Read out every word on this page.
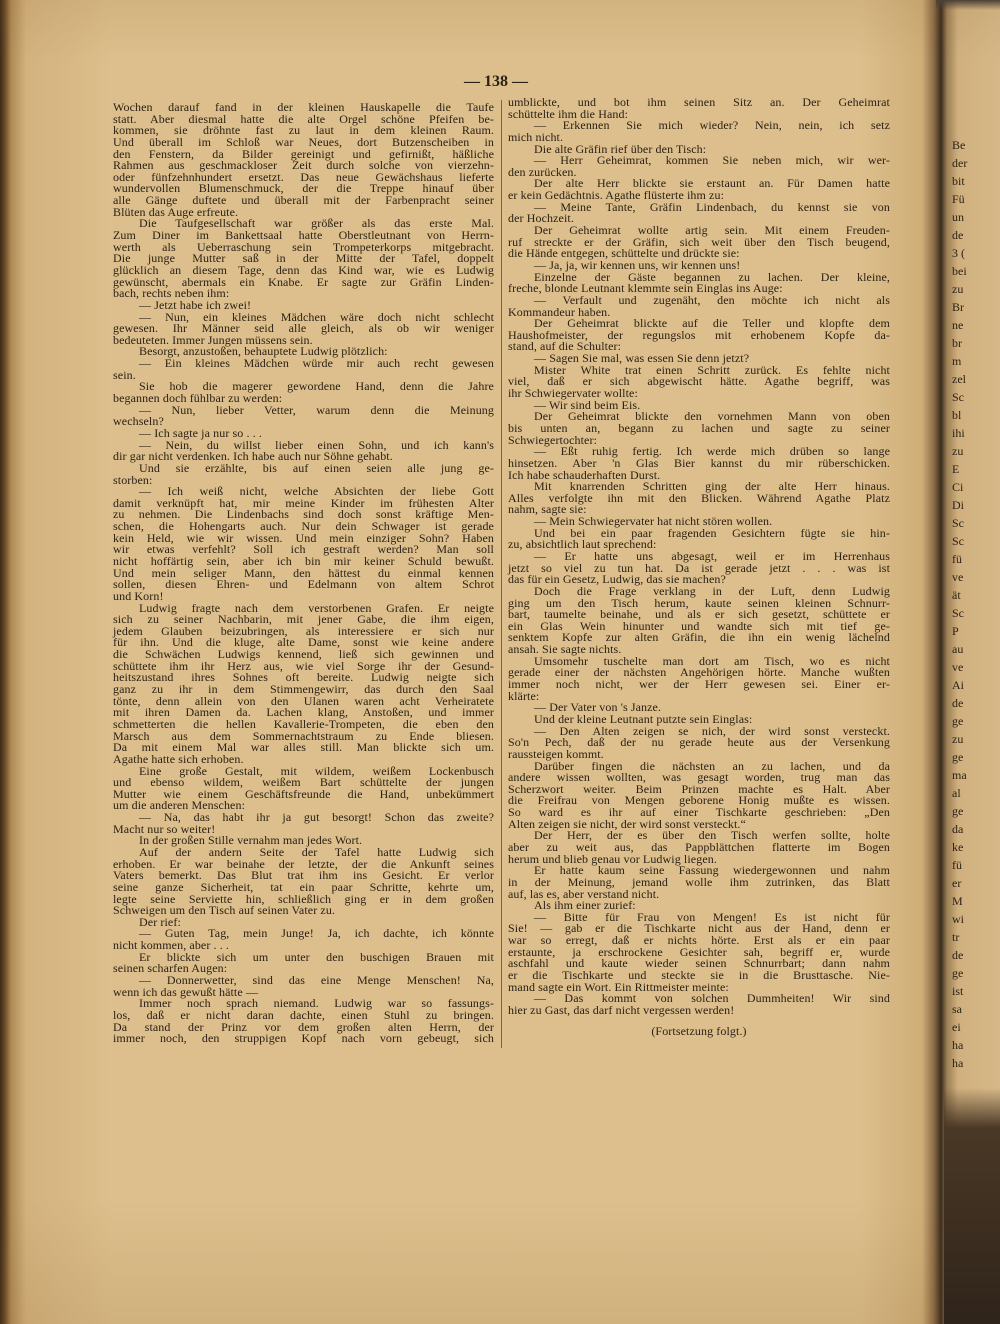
— 138 —
Wochen darauf fand in der kleinen Hauskapelle die Taufe
statt. Aber diesmal hatte die alte Orgel schöne Pfeifen be-
kommen, sie dröhnte fast zu laut in dem kleinen Raum.
Und überall im Schloß war Neues, dort Butzenscheiben in
den Fenstern, da Bilder gereinigt und gefirnißt, häßliche
Rahmen aus geschmackloser Zeit durch solche von vierzehn-
oder fünfzehnhundert ersetzt. Das neue Gewächshaus lieferte
wundervollen Blumenschmuck, der die Treppe hinauf über
alle Gänge duftete und überall mit der Farbenpracht seiner
Blüten das Auge erfreute.
Die Taufgesellschaft war größer als das erste Mal.
Zum Diner im Bankettsaal hatte Oberstleutnant von Herrn-
werth als Ueberraschung sein Trompeterkorps mitgebracht.
Die junge Mutter saß in der Mitte der Tafel, doppelt
glücklich an diesem Tage, denn das Kind war, wie es Ludwig
gewünscht, abermals ein Knabe. Er sagte zur Gräfin Linden-
bach, rechts neben ihm:
— Jetzt habe ich zwei!
— Nun, ein kleines Mädchen wäre doch nicht schlecht
gewesen. Ihr Männer seid alle gleich, als ob wir weniger
bedeuteten. Immer Jungen müssens sein.
Besorgt, anzustoßen, behauptete Ludwig plötzlich:
— Ein kleines Mädchen würde mir auch recht gewesen
sein.
Sie hob die magerer gewordene Hand, denn die Jahre
begannen doch fühlbar zu werden:
— Nun, lieber Vetter, warum denn die Meinung
wechseln?
— Ich sagte ja nur so . . .
— Nein, du willst lieber einen Sohn, und ich kann's
dir gar nicht verdenken. Ich habe auch nur Söhne gehabt.
Und sie erzählte, bis auf einen seien alle jung ge-
storben:
— Ich weiß nicht, welche Absichten der liebe Gott
damit verknüpft hat, mir meine Kinder im frühesten Alter
zu nehmen. Die Lindenbachs sind doch sonst kräftige Men-
schen, die Hohengarts auch. Nur dein Schwager ist gerade
kein Held, wie wir wissen. Und mein einziger Sohn? Haben
wir etwas verfehlt? Soll ich gestraft werden? Man soll
nicht hoffärtig sein, aber ich bin mir keiner Schuld bewußt.
Und mein seliger Mann, den hättest du einmal kennen
sollen, diesen Ehren- und Edelmann von altem Schrot
und Korn!
Ludwig fragte nach dem verstorbenen Grafen. Er neigte
sich zu seiner Nachbarin, mit jener Gabe, die ihm eigen,
jedem Glauben beizubringen, als interessiere er sich nur
für ihn. Und die kluge, alte Dame, sonst wie keine andere
die Schwächen Ludwigs kennend, ließ sich gewinnen und
schüttete ihm ihr Herz aus, wie viel Sorge ihr der Gesund-
heitszustand ihres Sohnes oft bereite. Ludwig neigte sich
ganz zu ihr in dem Stimmengewirr, das durch den Saal
tönte, denn allein von den Ulanen waren acht Verheiratete
mit ihren Damen da. Lachen klang, Anstoßen, und immer
schmetterten die hellen Kavallerie-Trompeten, die eben den
Marsch aus dem Sommernachtstraum zu Ende bliesen.
Da mit einem Mal war alles still. Man blickte sich um.
Agathe hatte sich erhoben.
Eine große Gestalt, mit wildem, weißem Lockenbusch
und ebenso wildem, weißem Bart schüttelte der jungen
Mutter wie einem Geschäftsfreunde die Hand, unbekümmert
um die anderen Menschen:
— Na, das habt ihr ja gut besorgt! Schon das zweite?
Macht nur so weiter!
In der großen Stille vernahm man jedes Wort.
Auf der andern Seite der Tafel hatte Ludwig sich
erhoben. Er war beinahe der letzte, der die Ankunft seines
Vaters bemerkt. Das Blut trat ihm ins Gesicht. Er verlor
seine ganze Sicherheit, tat ein paar Schritte, kehrte um,
legte seine Serviette hin, schließlich ging er in dem großen
Schweigen um den Tisch auf seinen Vater zu.
Der rief:
— Guten Tag, mein Junge! Ja, ich dachte, ich könnte
nicht kommen, aber . . .
Er blickte sich um unter den buschigen Brauen mit
seinen scharfen Augen:
— Donnerwetter, sind das eine Menge Menschen! Na,
wenn ich das gewußt hätte —
Immer noch sprach niemand. Ludwig war so fassungs-
los, daß er nicht daran dachte, einen Stuhl zu bringen.
Da stand der Prinz vor dem großen alten Herrn, der
immer noch, den struppigen Kopf nach vorn gebeugt, sich
umblickte, und bot ihm seinen Sitz an. Der Geheimrat
schüttelte ihm die Hand:
— Erkennen Sie mich wieder? Nein, nein, ich setz
mich nicht.
Die alte Gräfin rief über den Tisch:
— Herr Geheimrat, kommen Sie neben mich, wir wer-
den zurücken.
Der alte Herr blickte sie erstaunt an. Für Damen hatte
er kein Gedächtnis. Agathe flüsterte ihm zu:
— Meine Tante, Gräfin Lindenbach, du kennst sie von
der Hochzeit.
Der Geheimrat wollte artig sein. Mit einem Freuden-
ruf streckte er der Gräfin, sich weit über den Tisch beugend,
die Hände entgegen, schüttelte und drückte sie:
— Ja, ja, wir kennen uns, wir kennen uns!
Einzelne der Gäste begannen zu lachen. Der kleine,
freche, blonde Leutnant klemmte sein Einglas ins Auge:
— Verfault und zugenäht, den möchte ich nicht als
Kommandeur haben.
Der Geheimrat blickte auf die Teller und klopfte dem
Haushofmeister, der regungslos mit erhobenem Kopfe da-
stand, auf die Schulter:
— Sagen Sie mal, was essen Sie denn jetzt?
Mister White trat einen Schritt zurück. Es fehlte nicht
viel, daß er sich abgewischt hätte. Agathe begriff, was
ihr Schwiegervater wollte:
— Wir sind beim Eis.
Der Geheimrat blickte den vornehmen Mann von oben
bis unten an, begann zu lachen und sagte zu seiner
Schwiegertochter:
— Eßt ruhig fertig. Ich werde mich drüben so lange
hinsetzen. Aber 'n Glas Bier kannst du mir rüberschicken.
Ich habe schauderhaften Durst.
Mit knarrenden Schritten ging der alte Herr hinaus.
Alles verfolgte ihn mit den Blicken. Während Agathe Platz
nahm, sagte sie:
— Mein Schwiegervater hat nicht stören wollen.
Und bei ein paar fragenden Gesichtern fügte sie hin-
zu, absichtlich laut sprechend:
— Er hatte uns abgesagt, weil er im Herrenhaus
jetzt so viel zu tun hat. Da ist gerade jetzt . . . was ist
das für ein Gesetz, Ludwig, das sie machen?
Doch die Frage verklang in der Luft, denn Ludwig
ging um den Tisch herum, kaute seinen kleinen Schnurr-
bart, taumelte beinahe, und als er sich gesetzt, schüttete er
ein Glas Wein hinunter und wandte sich mit tief ge-
senktem Kopfe zur alten Gräfin, die ihn ein wenig lächelnd
ansah. Sie sagte nichts.
Umsomehr tuschelte man dort am Tisch, wo es nicht
gerade einer der nächsten Angehörigen hörte. Manche wußten
immer noch nicht, wer der Herr gewesen sei. Einer er-
klärte:
— Der Vater von 's Janze.
Und der kleine Leutnant putzte sein Einglas:
— Den Alten zeigen se nich, der wird sonst versteckt.
So'n Pech, daß der nu gerade heute aus der Versenkung
raussteigen kommt.
Darüber fingen die nächsten an zu lachen, und da
andere wissen wollten, was gesagt worden, trug man das
Scherzwort weiter. Beim Prinzen machte es Halt. Aber
die Freifrau von Mengen geborene Honig mußte es wissen.
So ward es ihr auf einer Tischkarte geschrieben: „Den
Alten zeigen sie nicht, der wird sonst versteckt.“
Der Herr, der es über den Tisch werfen sollte, holte
aber zu weit aus, das Pappblättchen flatterte im Bogen
herum und blieb genau vor Ludwig liegen.
Er hatte kaum seine Fassung wiedergewonnen und nahm
in der Meinung, jemand wolle ihm zutrinken, das Blatt
auf, las es, aber verstand nicht.
Als ihm einer zurief:
— Bitte für Frau von Mengen! Es ist nicht für
Sie! — gab er die Tischkarte nicht aus der Hand, denn er
war so erregt, daß er nichts hörte. Erst als er ein paar
erstaunte, ja erschrockene Gesichter sah, begriff er, wurde
aschfahl und kaute wieder seinen Schnurrbart; dann nahm
er die Tischkarte und steckte sie in die Brusttasche. Nie-
mand sagte ein Wort. Ein Rittmeister meinte:
— Das kommt von solchen Dummheiten! Wir sind
hier zu Gast, das darf nicht vergessen werden!
(Fortsetzung folgt.)
Be
der
bit
Fü
un
de
3 (
bei
zu
Br
ne
br
m
zel
Sc
bl
ihi
zu
E
Ci
Di
Sc
Sc
fü
ve
ät
Sc
P
au
ve
Ai
de
ge
zu
ge
ma
al
ge
da
ke
fü
er
M
wi
tr
de
ge
ist
sa
ei
ha
ha
